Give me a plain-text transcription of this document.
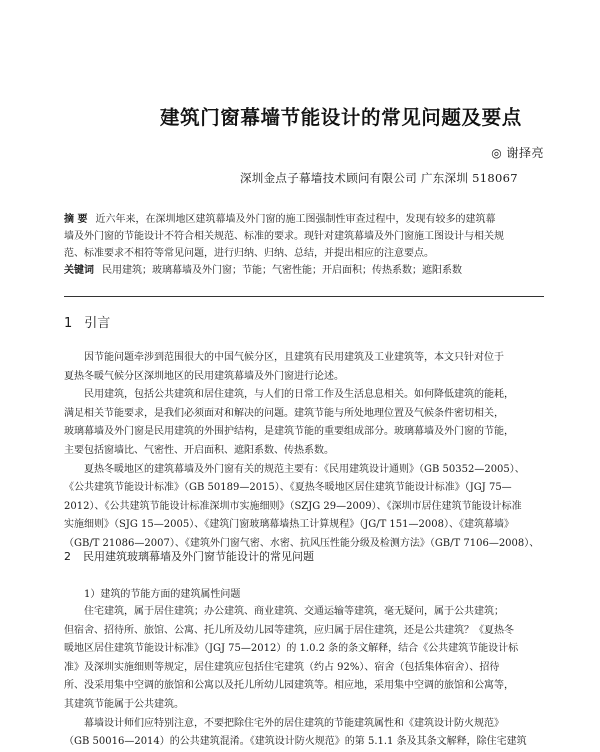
建筑门窗幕墙节能设计的常见问题及要点
◎ 谢择亮
深圳金点子幕墙技术顾问有限公司 广东深圳 518067
摘 要 近六年来，在深圳地区建筑幕墙及外门窗的施工图强制性审查过程中，发现有较多的建筑幕
墙及外门窗的节能设计不符合相关规范、标准的要求。现针对建筑幕墙及外门窗施工图设计与相关规
范、标准要求不相符等常见问题，进行归纳、归纳、总结，并提出相应的注意要点。
关键词 民用建筑；玻璃幕墙及外门窗；节能；气密性能；开启面积；传热系数；遮阳系数
1 引言
因节能问题牵涉到范围很大的中国气候分区，且建筑有民用建筑及工业建筑等，本文只针对位于
夏热冬暖气候分区深圳地区的民用建筑幕墙及外门窗进行论述。
民用建筑，包括公共建筑和居住建筑，与人们的日常工作及生活息息相关。如何降低建筑的能耗，
满足相关节能要求，是我们必须面对和解决的问题。建筑节能与所处地理位置及气候条件密切相关，
玻璃幕墙及外门窗是民用建筑的外围护结构，是建筑节能的重要组成部分。玻璃幕墙及外门窗的节能，
主要包括窗墙比、气密性、开启面积、遮阳系数、传热系数。
夏热冬暖地区的建筑幕墙及外门窗有关的规范主要有：《民用建筑设计通则》（GB 50352—2005）、
《公共建筑节能设计标准》（GB 50189—2015）、《夏热冬暖地区居住建筑节能设计标准》（JGJ 75—
2012）、《公共建筑节能设计标准深圳市实施细则》（SZJG 29—2009）、《深圳市居住建筑节能设计标准
实施细则》（SJG 15—2005）、《建筑门窗玻璃幕墙热工计算规程》（JG/T 151—2008）、《建筑幕墙》
（GB/T 21086—2007）、《建筑外门窗气密、水密、抗风压性能分级及检测方法》（GB/T 7106—2008）、
2 民用建筑玻璃幕墙及外门窗节能设计的常见问题
1）建筑的节能方面的建筑属性问题
住宅建筑，属于居住建筑；办公建筑、商业建筑、交通运输等建筑，毫无疑问，属于公共建筑；
但宿舍、招待所、旅馆、公寓、托儿所及幼儿园等建筑，应归属于居住建筑，还是公共建筑？《夏热冬
暖地区居住建筑节能设计标准》（JGJ 75—2012）的 1.0.2 条的条文解释，结合《公共建筑节能设计标
准》及深圳实施细则等规定，居住建筑应包括住宅建筑（约占 92%）、宿舍（包括集体宿舍）、招待
所、没采用集中空调的旅馆和公寓以及托儿所幼儿园建筑等。相应地，采用集中空调的旅馆和公寓等，
其建筑节能属于公共建筑。
幕墙设计师们应特别注意，不要把除住宅外的居住建筑的节能建筑属性和《建筑设计防火规范》
（GB 50016—2014）的公共建筑混淆。《建筑设计防火规范》的第 5.1.1 条及其条文解释，除住宅建筑
